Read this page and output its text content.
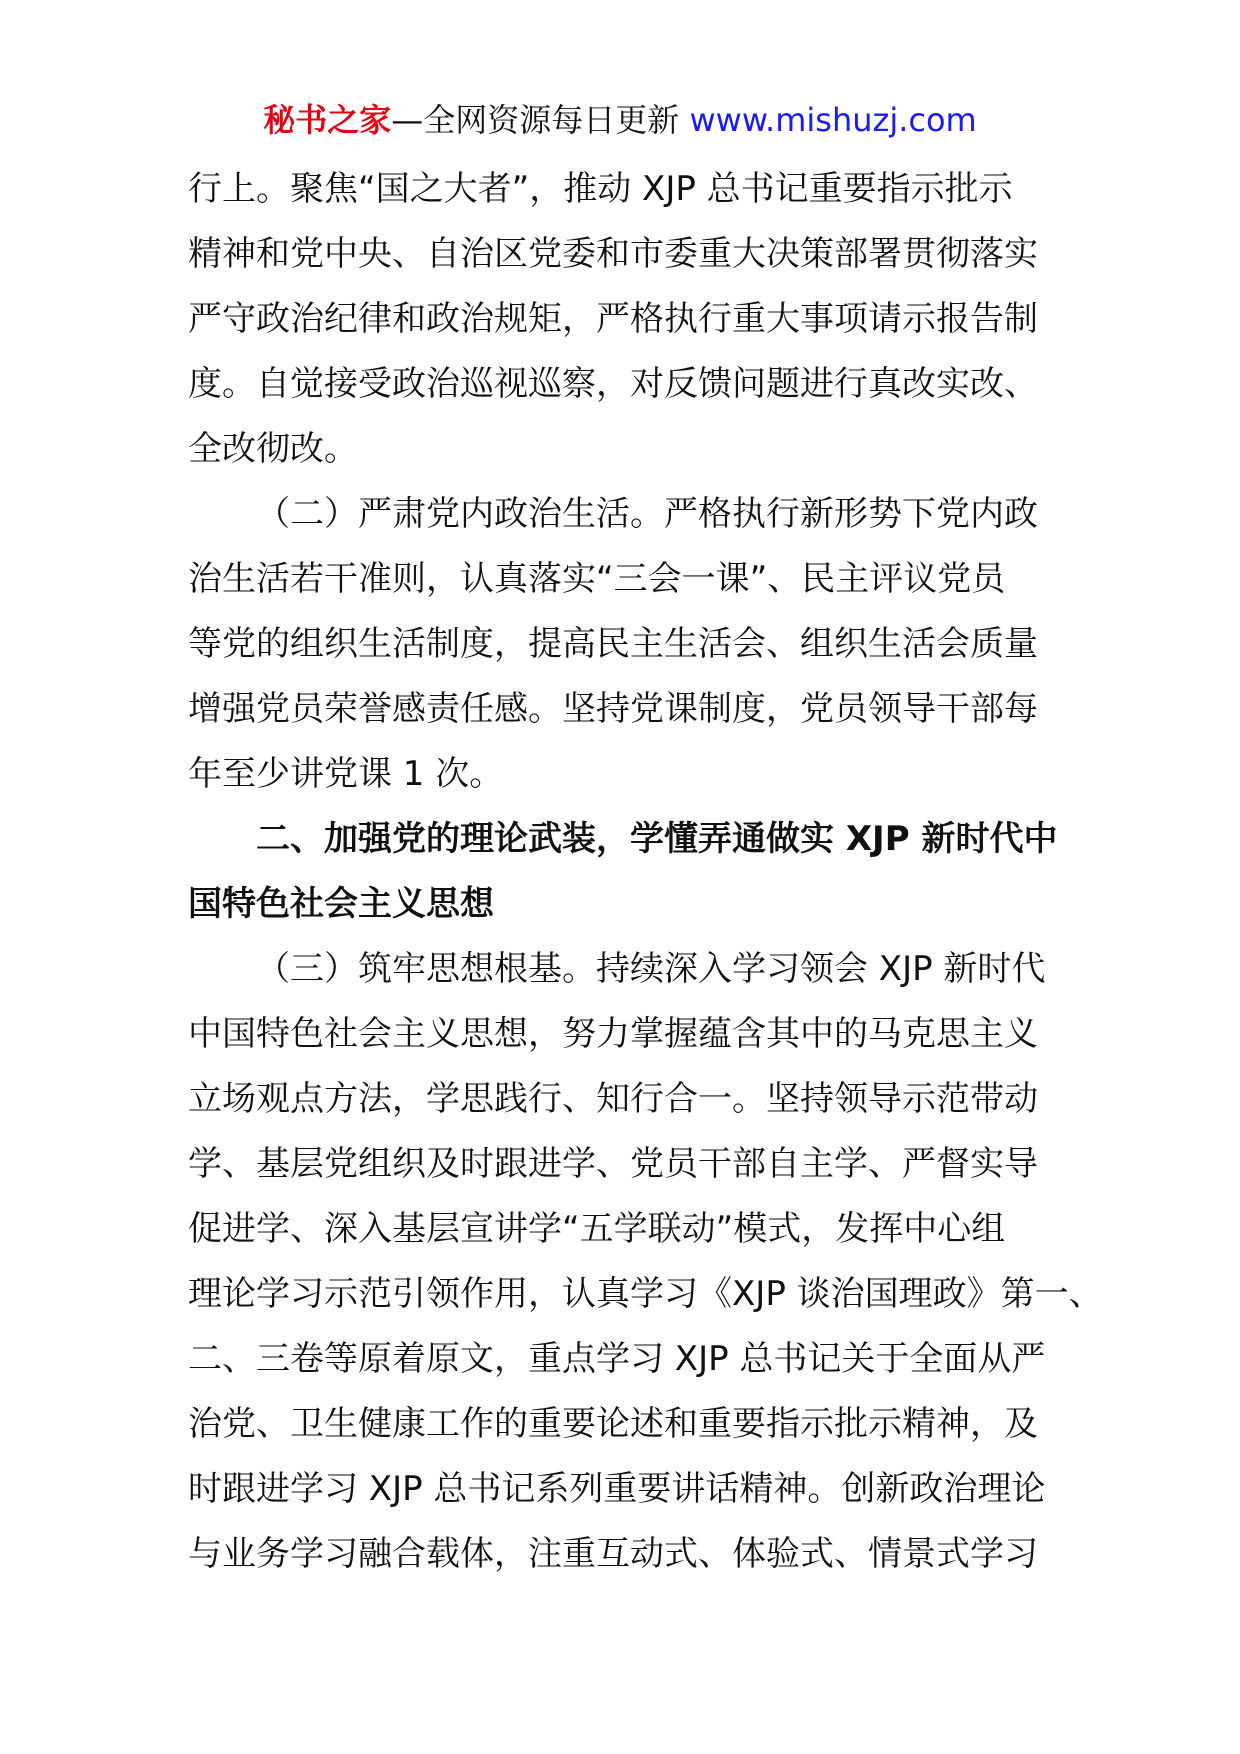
秘书之家—全网资源每日更新 www.mishuzj.com
行上。聚焦“国之大者”，推动 XJP 总书记重要指示批示
精神和党中央、自治区党委和市委重大决策部署贯彻落实
严守政治纪律和政治规矩，严格执行重大事项请示报告制
度。自觉接受政治巡视巡察，对反馈问题进行真改实改、
全改彻改。
（二）严肃党内政治生活。严格执行新形势下党内政
治生活若干准则，认真落实“三会一课”、民主评议党员
等党的组织生活制度，提高民主生活会、组织生活会质量
增强党员荣誉感责任感。坚持党课制度，党员领导干部每
年至少讲党课 1 次。
二、加强党的理论武装，学懂弄通做实 XJP 新时代中
国特色社会主义思想
（三）筑牢思想根基。持续深入学习领会 XJP 新时代
中国特色社会主义思想，努力掌握蕴含其中的马克思主义
立场观点方法，学思践行、知行合一。坚持领导示范带动
学、基层党组织及时跟进学、党员干部自主学、严督实导
促进学、深入基层宣讲学“五学联动”模式，发挥中心组
理论学习示范引领作用，认真学习《XJP 谈治国理政》第一、
二、三卷等原着原文，重点学习 XJP 总书记关于全面从严
治党、卫生健康工作的重要论述和重要指示批示精神，及
时跟进学习 XJP 总书记系列重要讲话精神。创新政治理论
与业务学习融合载体，注重互动式、体验式、情景式学习
